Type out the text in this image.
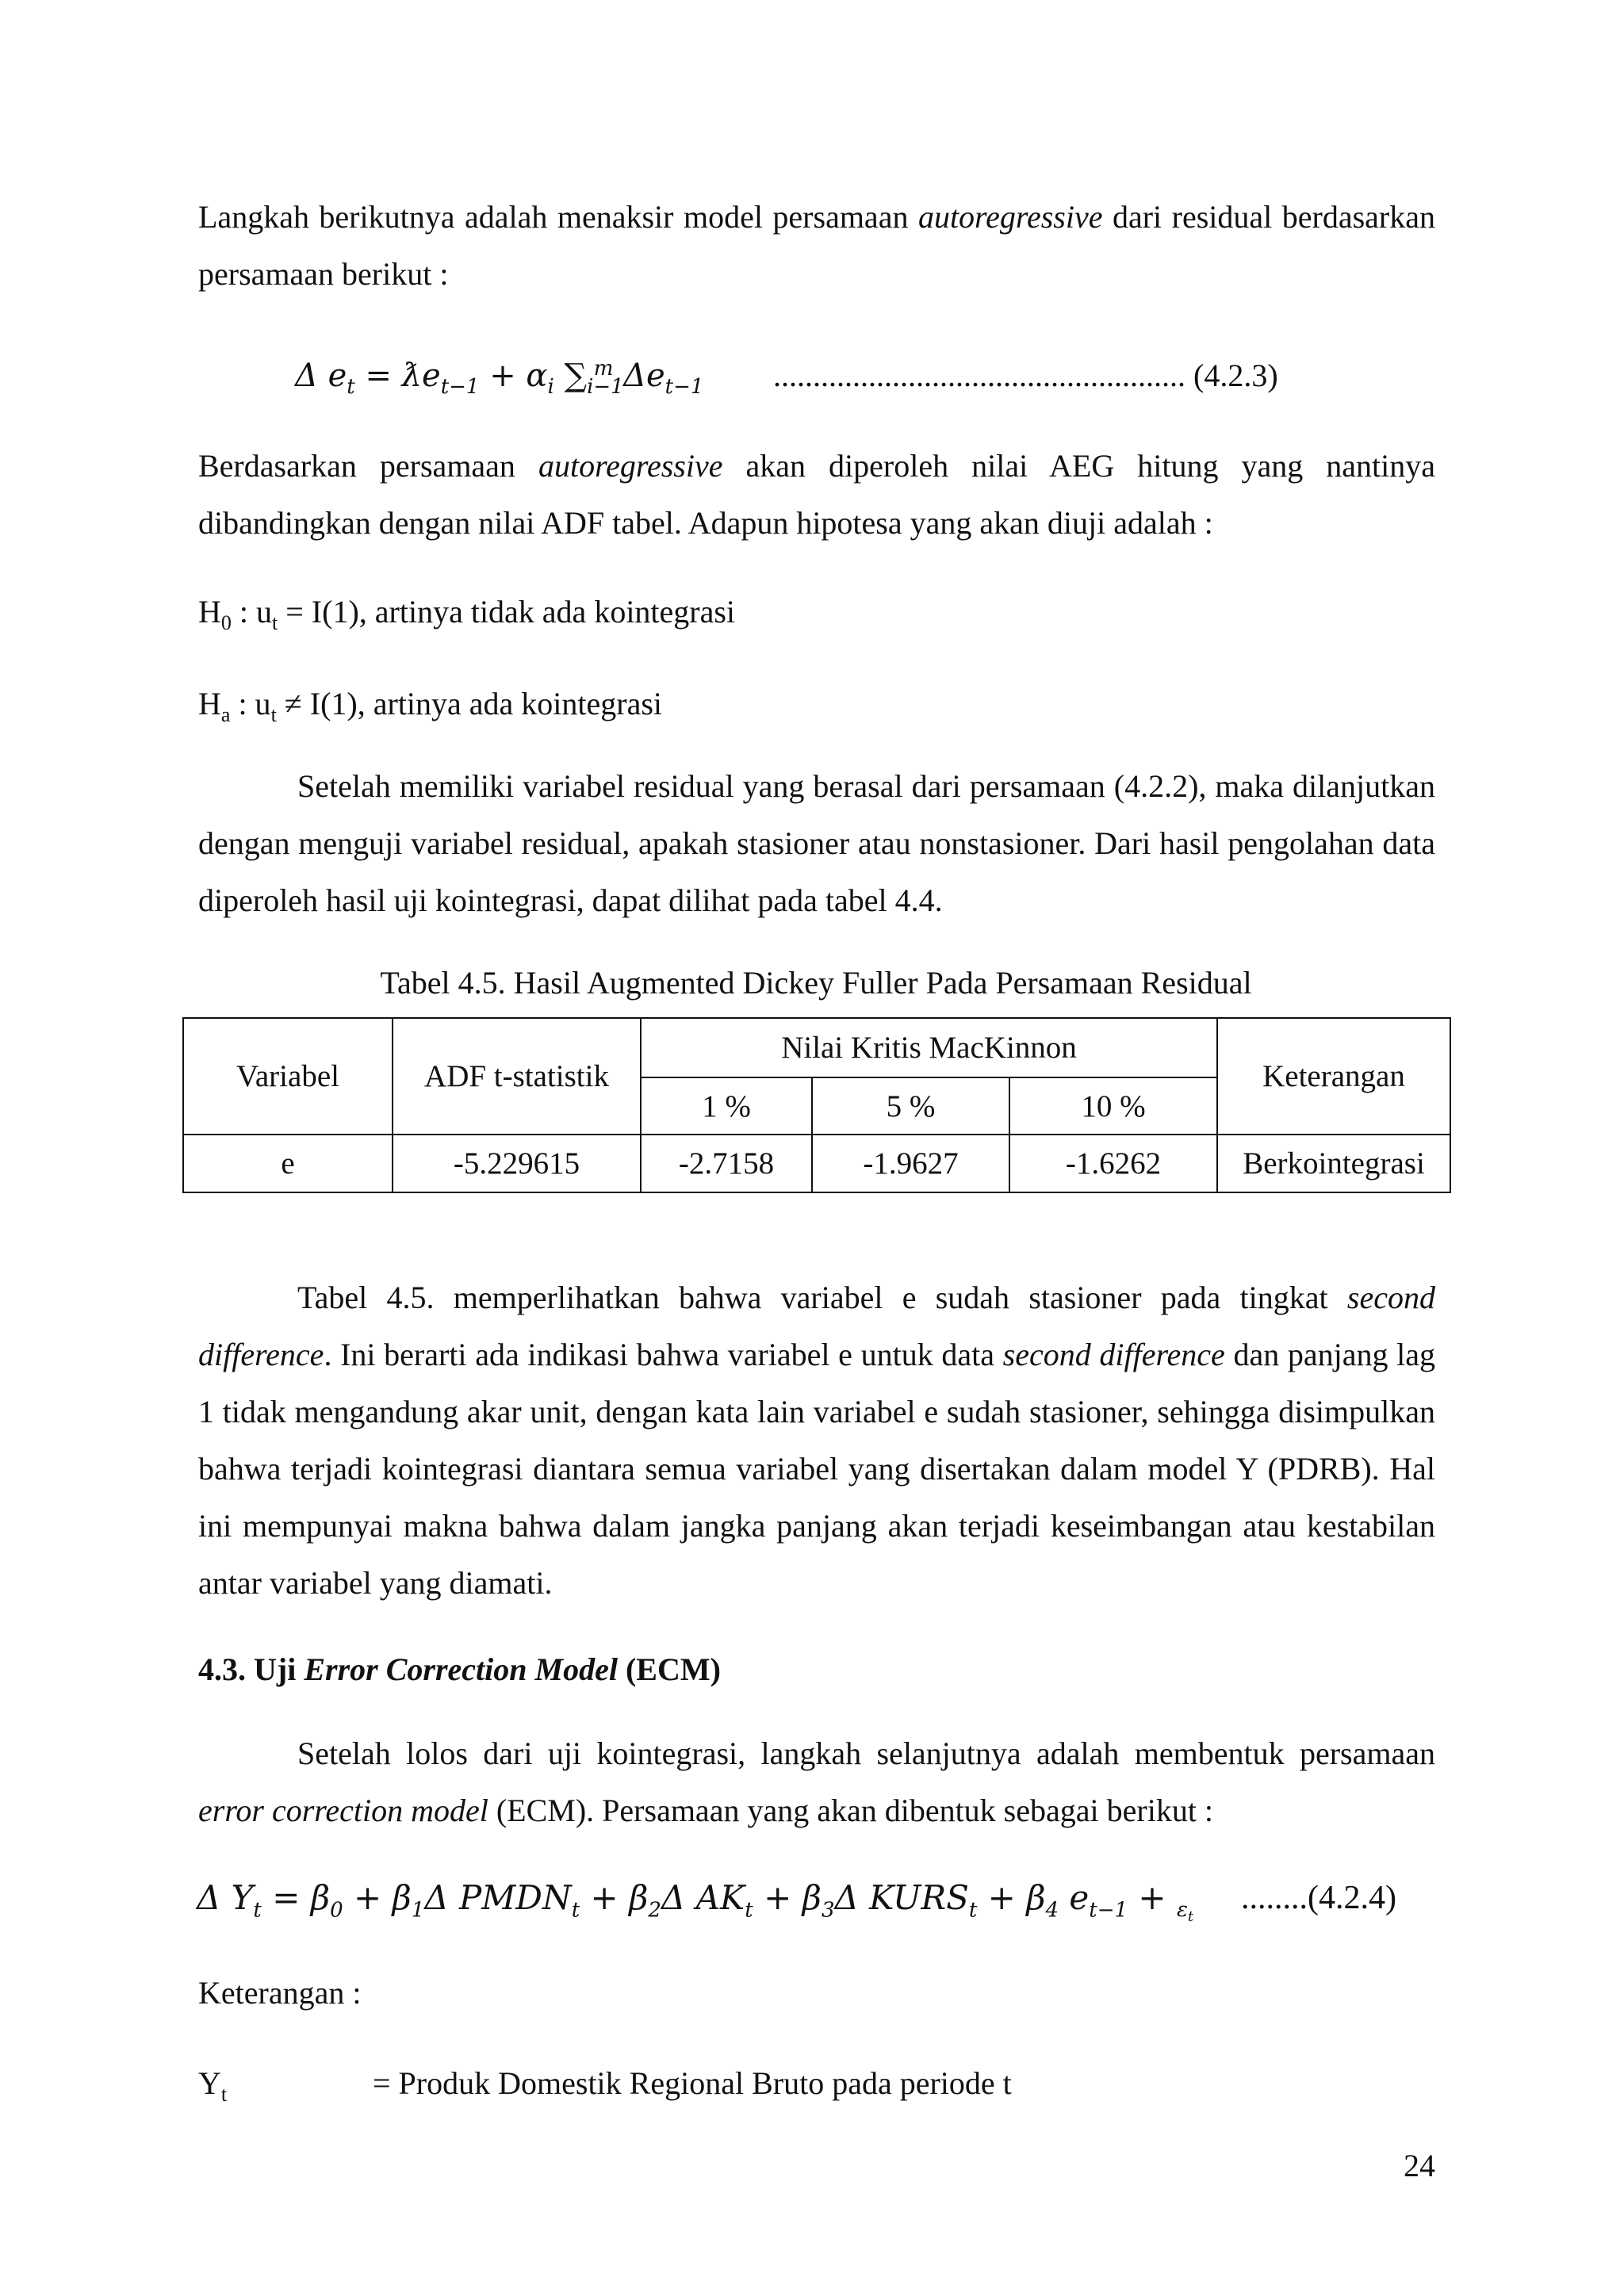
Langkah berikutnya adalah menaksir model persamaan autoregressive dari residual berdasarkan persamaan berikut :
Δ $e_t$ = $ƛe_{t-1} + \alpha_i$ $\sum_{i-1}^m$ $\Delta e_{t-1}$ .................................................... (4.2.3)
Berdasarkan persamaan autoregressive akan diperoleh nilai AEG hitung yang nantinya dibandingkan dengan nilai ADF tabel. Adapun hipotesa yang akan diuji adalah :
$H_0$ : $u_t = I(1)$, artinya tidak ada kointegrasi
$H_a$ : $u_t \ne I(1)$, artinya ada kointegrasi
Setelah memiliki variabel residual yang berasal dari persamaan (4.2.2), maka dilanjutkan dengan menguji variabel residual, apakah stasioner atau nonstasioner. Dari hasil pengolahan data diperoleh hasil uji kointegrasi, dapat dilihat pada tabel 4.4.
Tabel 4.5. Hasil Augmented Dickey Fuller Pada Persamaan Residual
Variabel	ADF t-statistik	Nilai Kritis MacKinnon			Keterangan
		1 %	5 %	10 %	
e	-5.229615	-2.7158	-1.9627	-1.6262	Berkointegrasi
Tabel 4.5. memperlihatkan bahwa variabel e sudah stasioner pada tingkat second difference. Ini berarti ada indikasi bahwa variabel e untuk data second difference dan panjang lag 1 tidak mengandung akar unit, dengan kata lain variabel e sudah stasioner, sehingga disimpulkan bahwa terjadi kointegrasi diantara semua variabel yang disertakan dalam model Y (PDRB). Hal ini mempunyai makna bahwa dalam jangka panjang akan terjadi keseimbangan atau kestabilan antar variabel yang diamati.
4.3. Uji Error Correction Model (ECM)
Setelah lolos dari uji kointegrasi, langkah selanjutnya adalah membentuk persamaan error correction model (ECM). Persamaan yang akan dibentuk sebagai berikut :
Δ $Y_t = \beta_0 + \beta_1\Delta$ $PMDN_t + \beta_2\Delta$ $AK_t + \beta_3\Delta$ $KURS_t + \beta_4$ $e_{t-1} + _{\varepsilon_t}$
........(4.2.4)
Keterangan :
$Y_t$	= Produk Domestik Regional Bruto pada periode t
24
